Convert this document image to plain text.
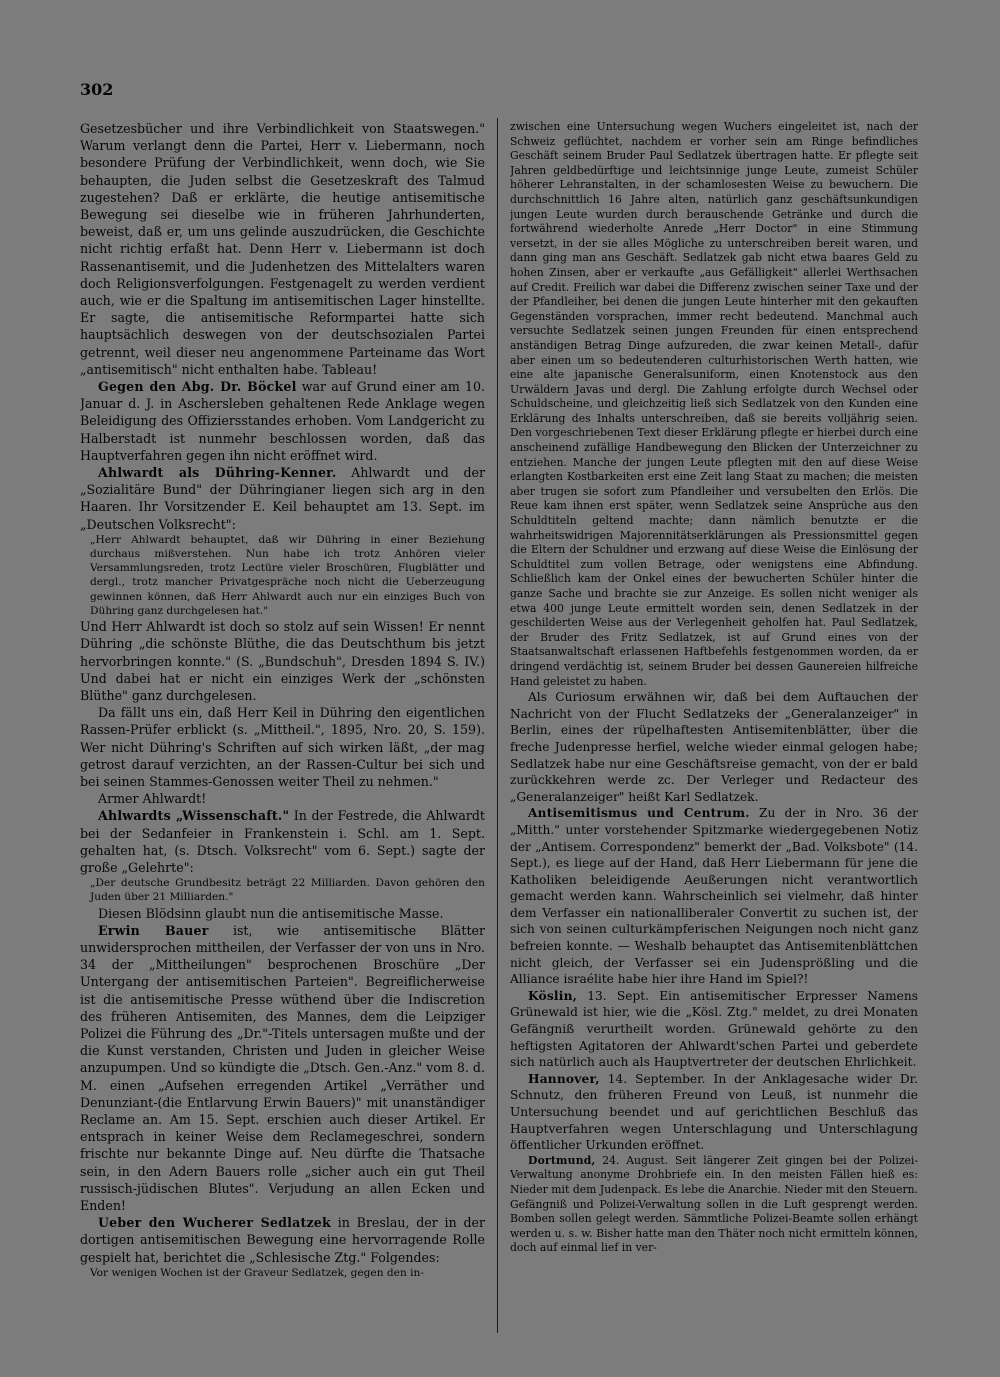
302

Gesetzesbücher und ihre Verbindlichkeit von Staatswegen." Warum verlangt denn die Partei, Herr v. Liebermann, noch besondere Prüfung der Verbindlichkeit, wenn doch, wie Sie behaupten, die Juden selbst die Gesetzeskraft des Talmud zugestehen? Daß er erklärte, die heutige antisemitische Bewegung sei dieselbe wie in früheren Jahrhunderten, beweist, daß er, um uns gelinde auszudrücken, die Geschichte nicht richtig erfaßt hat. Denn Herr v. Liebermann ist doch Rassenantisemit, und die Judenhetzen des Mittelalters waren doch Religionsverfolgungen. Festgenagelt zu werden verdient auch, wie er die Spaltung im antisemitischen Lager hinstellte. Er sagte, die antisemitische Reformpartei hatte sich hauptsächlich deswegen von der deutschsozialen Partei getrennt, weil dieser neu angenommene Parteiname das Wort „antisemitisch" nicht enthalten habe. Tableau!

Gegen den Abg. Dr. Böckel war auf Grund einer am 10. Januar d. J. in Aschersleben gehaltenen Rede Anklage wegen Beleidigung des Offiziersstandes erhoben. Vom Landgericht zu Halberstadt ist nunmehr beschlossen worden, daß das Hauptverfahren gegen ihn nicht eröffnet wird.

Ahlwardt als Dühring-Kenner. Ahlwardt und der „Sozialitäre Bund" der Dühringianer liegen sich arg in den Haaren. Ihr Vorsitzender E. Keil behauptet am 13. Sept. im „Deutschen Volksrecht":

„Herr Ahlwardt behauptet, daß wir Dühring in einer Beziehung durchaus mißverstehen. Nun habe ich trotz Anhören vieler Versammlungsreden, trotz Lectüre vieler Broschüren, Flugblätter und dergl., trotz mancher Privatgespräche noch nicht die Ueberzeugung gewinnen können, daß Herr Ahlwardt auch nur ein einziges Buch von Dühring ganz durchgelesen hat."

Und Herr Ahlwardt ist doch so stolz auf sein Wissen! Er nennt Dühring „die schönste Blüthe, die das Deutschthum bis jetzt hervorbringen konnte." (S. „Bundschuh", Dresden 1894 S. IV.) Und dabei hat er nicht ein einziges Werk der „schönsten Blüthe" ganz durchgelesen.

Da fällt uns ein, daß Herr Keil in Dühring den eigentlichen Rassen-Prüfer erblickt (s. „Mittheil.", 1895, Nro. 20, S. 159). Wer nicht Dühring's Schriften auf sich wirken läßt, „der mag getrost darauf verzichten, an der Rassen-Cultur bei sich und bei seinen Stammes-Genossen weiter Theil zu nehmen."

Armer Ahlwardt!

Ahlwardts „Wissenschaft." In der Festrede, die Ahlwardt bei der Sedanfeier in Frankenstein i. Schl. am 1. Sept. gehalten hat, (s. Dtsch. Volksrecht" vom 6. Sept.) sagte der große „Gelehrte":

„Der deutsche Grundbesitz beträgt 22 Milliarden. Davon gehören den Juden über 21 Milliarden."

Diesen Blödsinn glaubt nun die antisemitische Masse.

Erwin Bauer ist, wie antisemitische Blätter unwidersprochen mittheilen, der Verfasser der von uns in Nro. 34 der „Mittheilungen" besprochenen Broschüre „Der Untergang der antisemitischen Parteien". Begreiflicherweise ist die antisemitische Presse wüthend über die Indiscretion des früheren Antisemiten, des Mannes, dem die Leipziger Polizei die Führung des „Dr."-Titels untersagen mußte und der die Kunst verstanden, Christen und Juden in gleicher Weise anzupumpen. Und so kündigte die „Dtsch. Gen.-Anz." vom 8. d. M. einen „Aufsehen erregenden Artikel „Verräther und Denunziant-(die Entlarvung Erwin Bauers)" mit unanständiger Reclame an. Am 15. Sept. erschien auch dieser Artikel. Er entsprach in keiner Weise dem Reclamegeschrei, sondern frischte nur bekannte Dinge auf. Neu dürfte die Thatsache sein, in den Adern Bauers rolle „sicher auch ein gut Theil russisch-jüdischen Blutes". Verjudung an allen Ecken und Enden!

Ueber den Wucherer Sedlatzek in Breslau, der in der dortigen antisemitischen Bewegung eine hervorragende Rolle gespielt hat, berichtet die „Schlesische Ztg." Folgendes:

Vor wenigen Wochen ist der Graveur Sedlatzek, gegen den in-

zwischen eine Untersuchung wegen Wuchers eingeleitet ist, nach der Schweiz geflüchtet, nachdem er vorher sein am Ringe befindliches Geschäft seinem Bruder Paul Sedlatzek übertragen hatte. Er pflegte seit Jahren geldbedürftige und leichtsinnige junge Leute, zumeist Schüler höherer Lehranstalten, in der schamlosesten Weise zu bewuchern. Die durchschnittlich 16 Jahre alten, natürlich ganz geschäftsunkundigen jungen Leute wurden durch berauschende Getränke und durch die fortwährend wiederholte Anrede „Herr Doctor" in eine Stimmung versetzt, in der sie alles Mögliche zu unterschreiben bereit waren, und dann ging man ans Geschäft. Sedlatzek gab nicht etwa baares Geld zu hohen Zinsen, aber er verkaufte „aus Gefälligkeit" allerlei Werthsachen auf Credit. Freilich war dabei die Differenz zwischen seiner Taxe und der der Pfandleiher, bei denen die jungen Leute hinterher mit den gekauften Gegenständen vorsprachen, immer recht bedeutend. Manchmal auch versuchte Sedlatzek seinen jungen Freunden für einen entsprechend anständigen Betrag Dinge aufzureden, die zwar keinen Metall-, dafür aber einen um so bedeutenderen culturhistorischen Werth hatten, wie eine alte japanische Generalsuniform, einen Knotenstock aus den Urwäldern Javas und dergl. Die Zahlung erfolgte durch Wechsel oder Schuldscheine, und gleichzeitig ließ sich Sedlatzek von den Kunden eine Erklärung des Inhalts unterschreiben, daß sie bereits volljährig seien. Den vorgeschriebenen Text dieser Erklärung pflegte er hierbei durch eine anscheinend zufällige Handbewegung den Blicken der Unterzeichner zu entziehen. Manche der jungen Leute pflegten mit den auf diese Weise erlangten Kostbarkeiten erst eine Zeit lang Staat zu machen; die meisten aber trugen sie sofort zum Pfandleiher und versubelten den Erlös. Die Reue kam ihnen erst später, wenn Sedlatzek seine Ansprüche aus den Schuldtiteln geltend machte; dann nämlich benutzte er die wahrheitswidrigen Majorennitätserklärungen als Pressionsmittel gegen die Eltern der Schuldner und erzwang auf diese Weise die Einlösung der Schuldtitel zum vollen Betrage, oder wenigstens eine Abfindung. Schließlich kam der Onkel eines der bewucherten Schüler hinter die ganze Sache und brachte sie zur Anzeige. Es sollen nicht weniger als etwa 400 junge Leute ermittelt worden sein, denen Sedlatzek in der geschilderten Weise aus der Verlegenheit geholfen hat. Paul Sedlatzek, der Bruder des Fritz Sedlatzek, ist auf Grund eines von der Staatsanwaltschaft erlassenen Haftbefehls festgenommen worden, da er dringend verdächtig ist, seinem Bruder bei dessen Gaunereien hilfreiche Hand geleistet zu haben.

Als Curiosum erwähnen wir, daß bei dem Auftauchen der Nachricht von der Flucht Sedlatzeks der „Generalanzeiger" in Berlin, eines der rüpelhaftesten Antisemitenblätter, über die freche Judenpresse herfiel, welche wieder einmal gelogen habe; Sedlatzek habe nur eine Geschäftsreise gemacht, von der er bald zurückkehren werde zc. Der Verleger und Redacteur des „Generalanzeiger" heißt Karl Sedlatzek.

Antisemitismus und Centrum. Zu der in Nro. 36 der „Mitth." unter vorstehender Spitzmarke wiedergegebenen Notiz der „Antisem. Correspondenz" bemerkt der „Bad. Volksbote" (14. Sept.), es liege auf der Hand, daß Herr Liebermann für jene die Katholiken beleidigende Aeußerungen nicht verantwortlich gemacht werden kann. Wahrscheinlich sei vielmehr, daß hinter dem Verfasser ein nationalliberaler Convertit zu suchen ist, der sich von seinen culturkämpferischen Neigungen noch nicht ganz befreien konnte. — Weshalb behauptet das Antisemitenblättchen nicht gleich, der Verfasser sei ein Judensprößling und die Alliance israélite habe hier ihre Hand im Spiel?!

Köslin, 13. Sept. Ein antisemitischer Erpresser Namens Grünewald ist hier, wie die „Kösl. Ztg." meldet, zu drei Monaten Gefängniß verurtheilt worden. Grünewald gehörte zu den heftigsten Agitatoren der Ahlwardt'schen Partei und geberdete sich natürlich auch als Hauptvertreter der deutschen Ehrlichkeit.

Hannover, 14. September. In der Anklagesache wider Dr. Schnutz, den früheren Freund von Leuß, ist nunmehr die Untersuchung beendet und auf gerichtlichen Beschluß das Hauptverfahren wegen Unterschlagung und Unterschlagung öffentlicher Urkunden eröffnet.

Dortmund, 24. August. Seit längerer Zeit gingen bei der Polizei-Verwaltung anonyme Drohbriefe ein. In den meisten Fällen hieß es: Nieder mit dem Judenpack. Es lebe die Anarchie. Nieder mit den Steuern. Gefängniß und Polizei-Verwaltung sollen in die Luft gesprengt werden. Bomben sollen gelegt werden. Sämmtliche Polizei-Beamte sollen erhängt werden u. s. w. Bisher hatte man den Thäter noch nicht ermitteln können, doch auf einmal lief in ver-
